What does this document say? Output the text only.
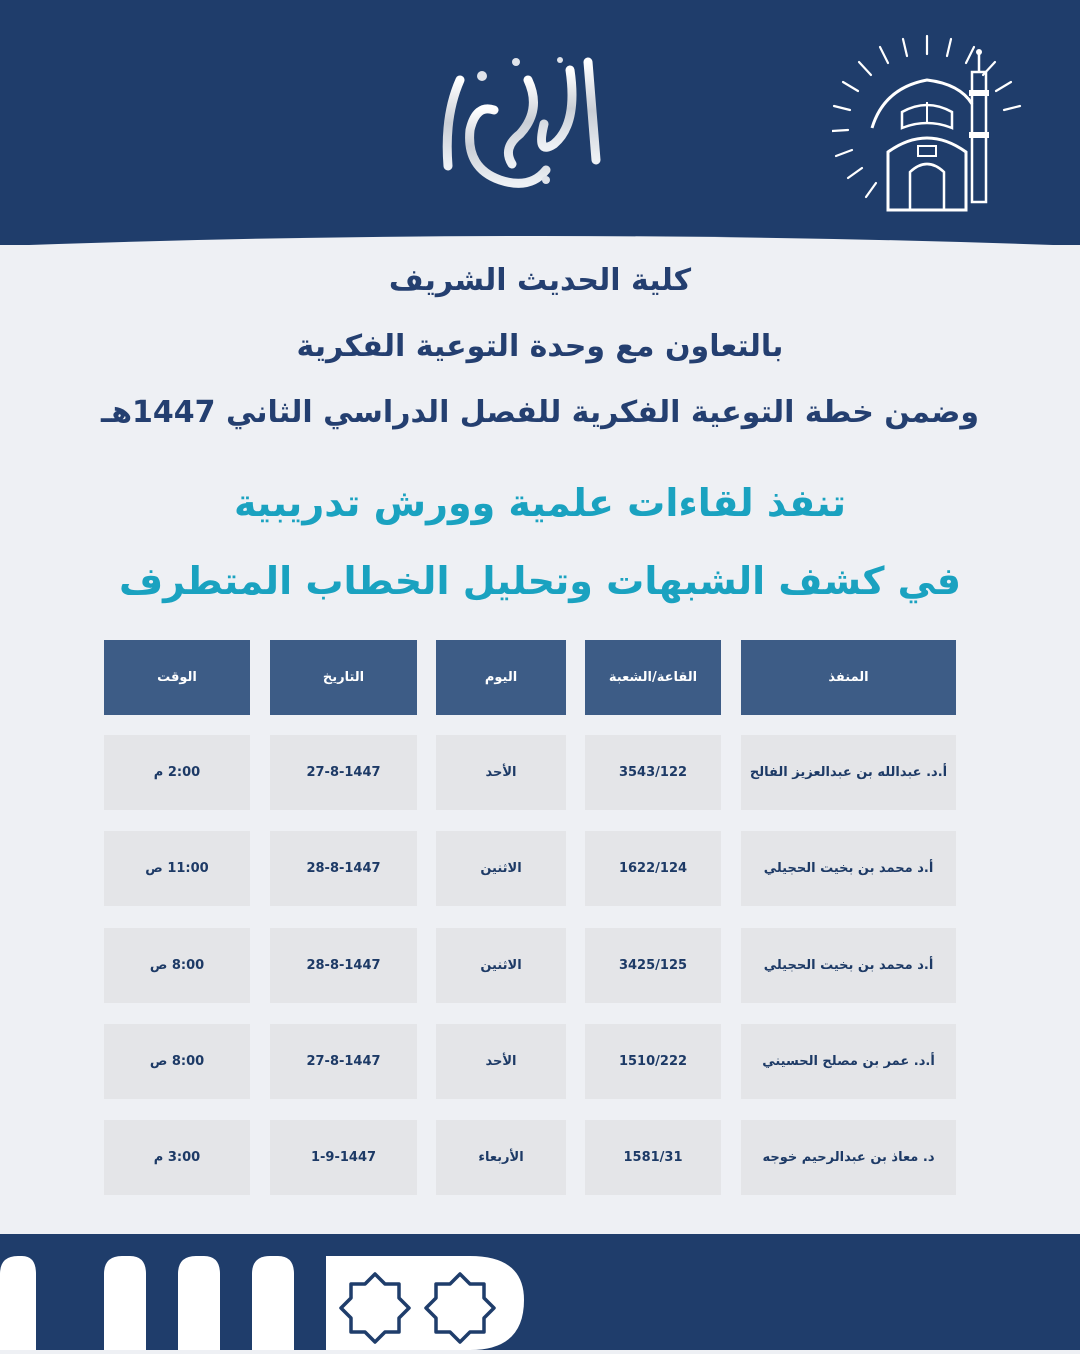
كلية الحديث الشريف
بالتعاون مع وحدة التوعية الفكرية
وضمن خطة التوعية الفكرية للفصل الدراسي الثاني 1447هـ
تنفذ لقاءات علمية وورش تدريبية
في كشف الشبهات وتحليل الخطاب المتطرف
المنفذ
القاعة/الشعبة
اليوم
التاريخ
الوقت
أ.د. عبدالله بن عبدالعزيز الفالح
3543/122
الأحد
27-8-1447
2:00 م
أ.د محمد بن بخيت الحجيلي
1622/124
الاثنين
28-8-1447
11:00 ص
أ.د محمد بن بخيت الحجيلي
3425/125
الاثنين
28-8-1447
8:00 ص
أ.د. عمر بن مصلح الحسيني
1510/222
الأحد
27-8-1447
8:00 ص
د. معاذ بن عبدالرحيم خوجه
1581/31
الأربعاء
1-9-1447
3:00 م
